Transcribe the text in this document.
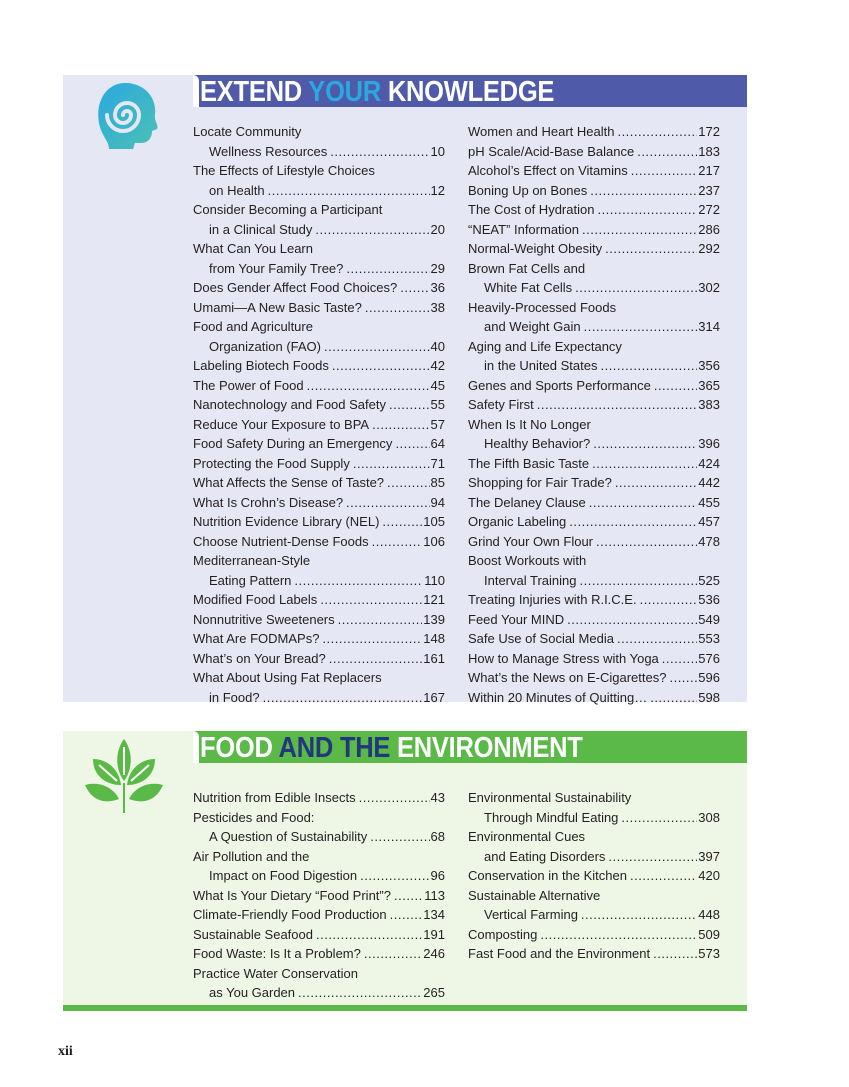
EXTEND YOUR KNOWLEDGE
Locate Community
Wellness Resources .....	10
The Effects of Lifestyle Choices
on Health .....	12
Consider Becoming a Participant
in a Clinical Study .....	20
What Can You Learn
from Your Family Tree? .....	29
Does Gender Affect Food Choices? .....	36
Umami—A New Basic Taste? .....	38
Food and Agriculture
Organization (FAO) .....	40
Labeling Biotech Foods .....	42
The Power of Food .....	45
Nanotechnology and Food Safety .....	55
Reduce Your Exposure to BPA .....	57
Food Safety During an Emergency .....	64
Protecting the Food Supply .....	71
What Affects the Sense of Taste? .....	85
What Is Crohn’s Disease? .....	94
Nutrition Evidence Library (NEL) .....	105
Choose Nutrient-Dense Foods .....	106
Mediterranean-Style
Eating Pattern .....	110
Modified Food Labels .....	121
Nonnutritive Sweeteners .....	139
What Are FODMAPs? .....	148
What’s on Your Bread? .....	161
What About Using Fat Replacers
in Food? .....	167
Women and Heart Health .....	172
pH Scale/Acid-Base Balance .....	183
Alcohol’s Effect on Vitamins .....	217
Boning Up on Bones .....	237
The Cost of Hydration .....	272
“NEAT” Information .....	286
Normal-Weight Obesity .....	292
Brown Fat Cells and
White Fat Cells .....	302
Heavily-Processed Foods
and Weight Gain .....	314
Aging and Life Expectancy
in the United States .....	356
Genes and Sports Performance .....	365
Safety First .....	383
When Is It No Longer
Healthy Behavior? .....	396
The Fifth Basic Taste .....	424
Shopping for Fair Trade? .....	442
The Delaney Clause .....	455
Organic Labeling .....	457
Grind Your Own Flour .....	478
Boost Workouts with
Interval Training .....	525
Treating Injuries with R.I.C.E. .....	536
Feed Your MIND .....	549
Safe Use of Social Media .....	553
How to Manage Stress with Yoga .....	576
What’s the News on E-Cigarettes? ..... 596
Within 20 Minutes of Quitting… .....	598
FOOD AND THE ENVIRONMENT
Nutrition from Edible Insects .....	43
Pesticides and Food:
A Question of Sustainability .....	68
Air Pollution and the
Impact on Food Digestion .....	96
What Is Your Dietary “Food Print”? .....	113
Climate-Friendly Food Production .....	134
Sustainable Seafood .....	191
Food Waste: Is It a Problem? .....	246
Practice Water Conservation
as You Garden .....	265
Environmental Sustainability
Through Mindful Eating .....	308
Environmental Cues
and Eating Disorders .....	397
Conservation in the Kitchen .....	420
Sustainable Alternative
Vertical Farming .....	448
Composting .....	509
Fast Food and the Environment .....	573
xii
